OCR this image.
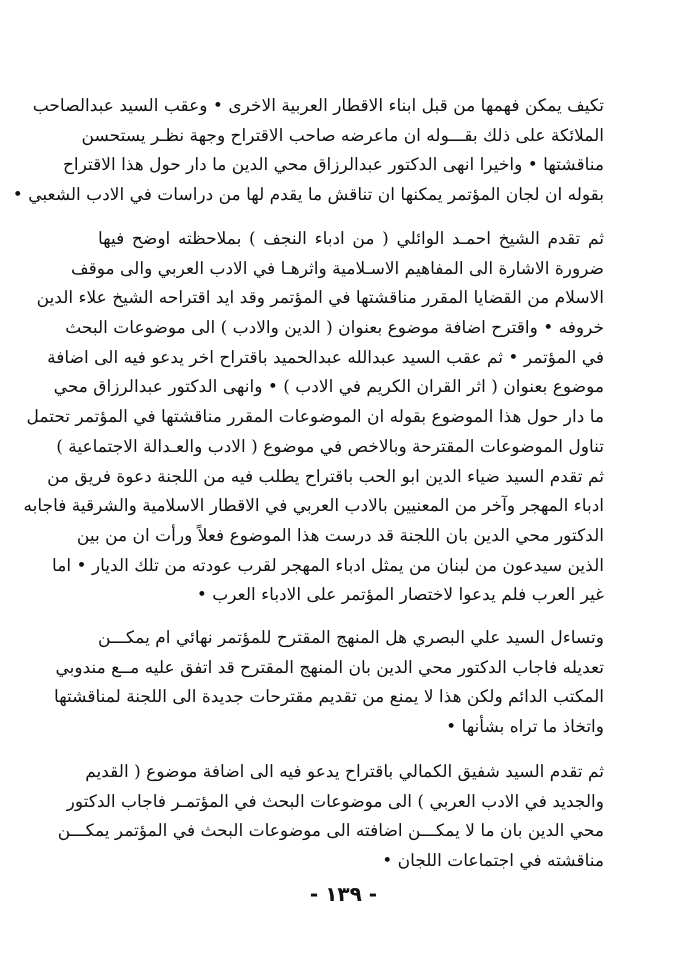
تكيف يمكن فهمها من قبل ابناء الاقطار العربية الاخرى • وعقب السيد عبدالصاحب
الملائكة على ذلك بقـــوله ان ماعرضه صاحب الاقتراح وجهة نظـر يستحسن
مناقشتها • واخيرا انهى الدكتور عبدالرزاق محي الدين ما دار حول هذا الاقتراح
بقوله ان لجان المؤتمر يمكنها ان تناقش ما يقدم لها من دراسات في الادب الشعبي •
ثم تقدم الشيخ احمـد الوائلي ( من ادباء النجف ) بملاحظته اوضح فيها
ضرورة الاشارة الى المفاهيم الاسـلامية واثرهـا في الادب العربي والى موقف
الاسلام من القضايا المقرر مناقشتها في المؤتمر وقد ايد اقتراحه الشيخ علاء الدين
خروفه • واقترح اضافة موضوع بعنوان ( الدين والادب ) الى موضوعات البحث
في المؤتمر • ثم عقب السيد عبدالله عبدالحميد باقتراح اخر يدعو فيه الى اضافة
موضوع بعنوان ( اثر القران الكريم في الادب ) • وانهى الدكتور عبدالرزاق محي
ما دار حول هذا الموضوع بقوله ان الموضوعات المقرر مناقشتها في المؤتمر تحتمل
تناول الموضوعات المقترحة وبالاخص في موضوع ( الادب والعـدالة الاجتماعية )
ثم تقدم السيد ضياء الدين ابو الحب باقتراح يطلب فيه من اللجنة دعوة فريق من
ادباء المهجر وآخر من المعنيين بالادب العربي في الاقطار الاسلامية والشرقية فاجابه
الدكتور محي الدين بان اللجنة قد درست هذا الموضوع فعلاً ورأت ان من بين
الذين سيدعون من لبنان من يمثل ادباء المهجر لقرب عودته من تلك الديار • اما
غير العرب فلم يدعوا لاختصار المؤتمر على الادباء العرب •
وتساءل السيد علي البصري هل المنهج المقترح للمؤتمر نهائي ام يمكـــن
تعديله فاجاب الدكتور محي الدين بان المنهج المقترح قد اتفق عليه مــع مندوبي
المكتب الدائم ولكن هذا لا يمنع من تقديم مقترحات جديدة الى اللجنة لمناقشتها
واتخاذ ما تراه بشأنها •
ثم تقدم السيد شفيق الكمالي باقتراح يدعو فيه الى اضافة موضوع ( القديم
والجديد في الادب العربي ) الى موضوعات البحث في المؤتمـر فاجاب الدكتور
محي الدين بان ما لا يمكـــن اضافته الى موضوعات البحث في المؤتمر يمكـــن
مناقشته في اجتماعات اللجان •
- ١٣٩ -
